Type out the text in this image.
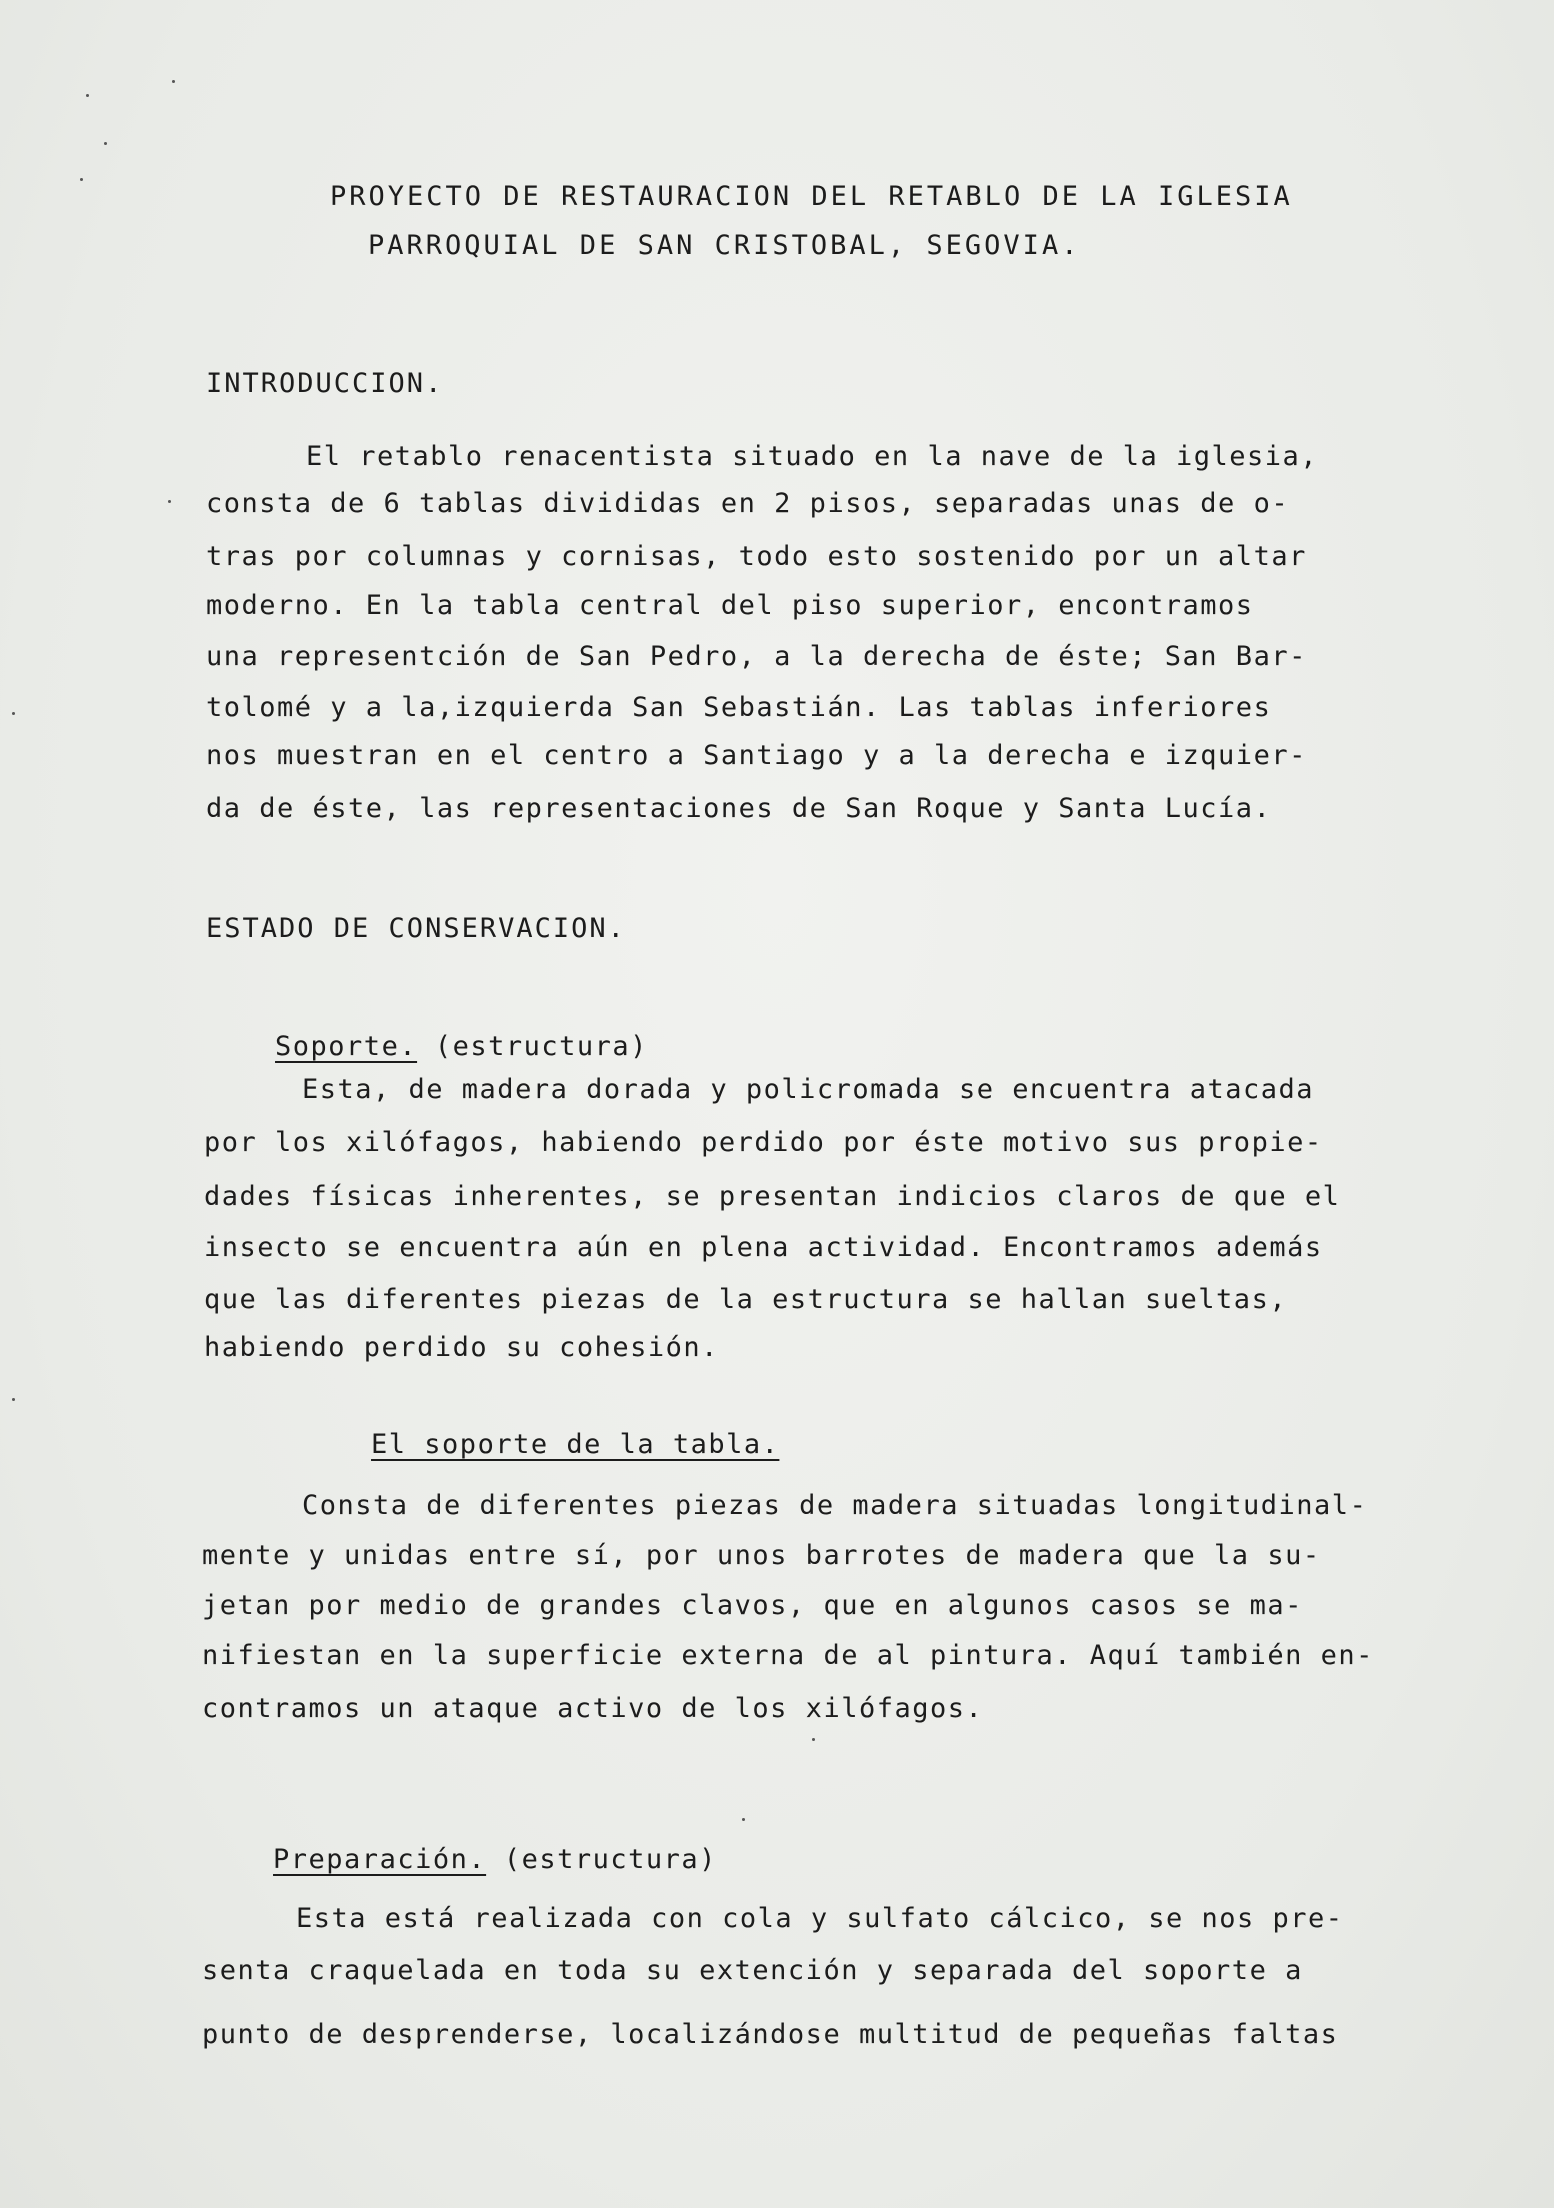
PROYECTO DE RESTAURACION DEL RETABLO DE LA IGLESIA
PARROQUIAL DE SAN CRISTOBAL, SEGOVIA.
INTRODUCCION.
El retablo renacentista situado en la nave de la iglesia,
consta de 6 tablas divididas en 2 pisos, separadas unas de o-
tras por columnas y cornisas, todo esto sostenido por un altar
moderno. En la tabla central del piso superior, encontramos
una representción de San Pedro, a la derecha de éste; San Bar-
tolomé y a la,izquierda San Sebastián. Las tablas inferiores
nos muestran en el centro a Santiago y a la derecha e izquier-
da de éste, las representaciones de San Roque y Santa Lucía.
ESTADO DE CONSERVACION.

Soporte. (estructura)

Esta, de madera dorada y policromada se encuentra atacada
por los xilófagos, habiendo perdido por éste motivo sus propie-
dades físicas inherentes, se presentan indicios claros de que el
insecto se encuentra aún en plena actividad. Encontramos además
que las diferentes piezas de la estructura se hallan sueltas,
habiendo perdido su cohesión.

El soporte de la tabla.

Consta de diferentes piezas de madera situadas longitudinal-
mente y unidas entre sí, por unos barrotes de madera que la su-
jetan por medio de grandes clavos, que en algunos casos se ma-
nifiestan en la superficie externa de al pintura. Aquí también en-
contramos un ataque activo de los xilófagos.

Preparación. (estructura)

Esta está realizada con cola y sulfato cálcico, se nos pre-
senta craquelada en toda su extención y separada del soporte a
punto de desprenderse, localizándose multitud de pequeñas faltas
